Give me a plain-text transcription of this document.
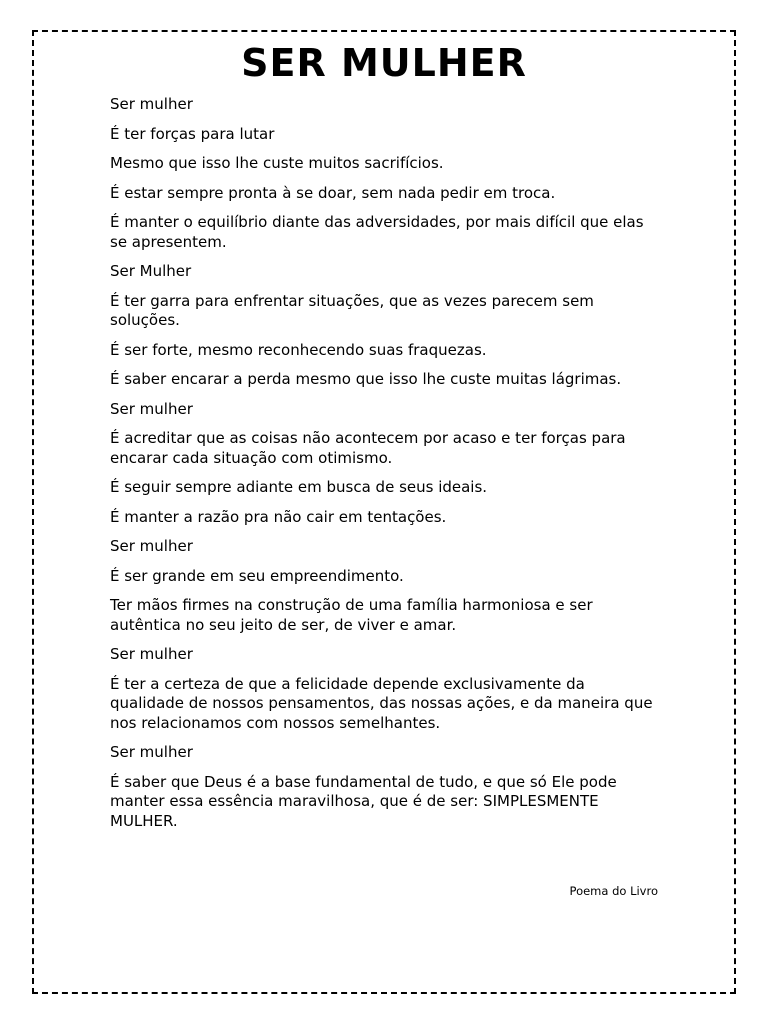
SER MULHER

Ser mulher

É ter forças para lutar

Mesmo que isso lhe custe muitos sacrifícios.

É estar sempre pronta à se doar, sem nada pedir em troca.

É manter o equilíbrio diante das adversidades, por mais difícil que elas se apresentem.

Ser Mulher

É ter garra para enfrentar situações, que as vezes parecem sem soluções.

É ser forte, mesmo reconhecendo suas fraquezas.

É saber encarar a perda mesmo que isso lhe custe muitas lágrimas.

Ser mulher

É acreditar que as coisas não acontecem por acaso e ter forças para encarar cada situação com otimismo.

É seguir sempre adiante em busca de seus ideais.

É manter a razão pra não cair em tentações.

Ser mulher

É ser grande em seu empreendimento.

Ter mãos firmes na construção de uma família harmoniosa e ser autêntica no seu jeito de ser, de viver e amar.

Ser mulher

É ter a certeza de que a felicidade depende exclusivamente da qualidade de nossos pensamentos, das nossas ações, e da maneira que nos relacionamos com nossos semelhantes.

Ser mulher

É saber que Deus é a base fundamental de tudo, e que só Ele pode manter essa essência maravilhosa, que é de ser: SIMPLESMENTE MULHER.

Poema do Livro
